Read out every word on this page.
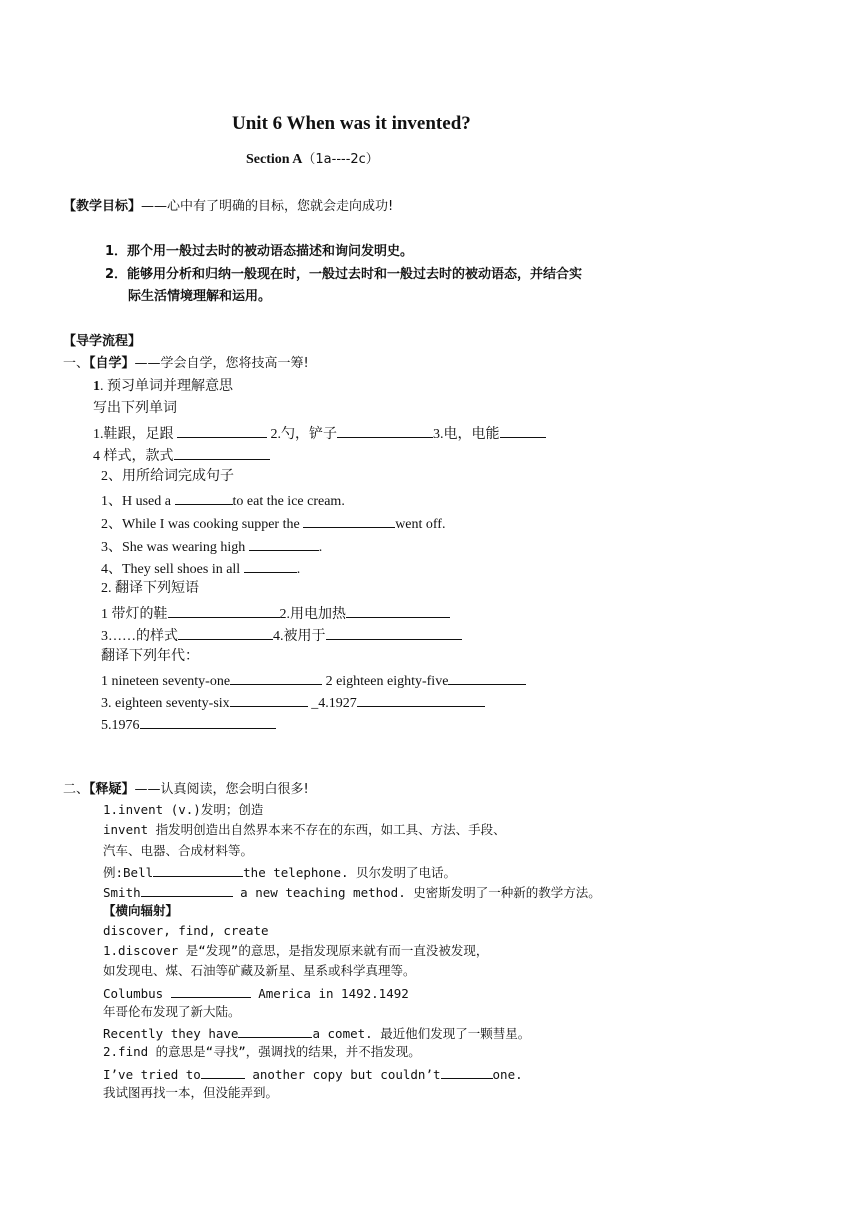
Unit 6 When was it invented?
Section A（1a----2c）
【教学目标】——心中有了明确的目标，您就会走向成功!
1．那个用一般过去时的被动语态描述和询问发明史。
2．能够用分析和归纳一般现在时，一般过去时和一般过去时的被动语态，并结合实
际生活情境理解和运用。
【导学流程】
一、【自学】——学会自学，您将技高一筹!
1. 预习单词并理解意思
写出下列单词
1.鞋跟，足跟	2.勺，铲子	3.电，电能
4 样式，款式
2、用所给词完成句子
1、H used a	to eat the ice cream.
2、While I was cooking supper the	went off.
3、She was wearing high	.
4、They sell shoes in all	.
2. 翻译下列短语
1 带灯的鞋	2.用电加热
3……的样式	4.被用于
翻译下列年代：
1 nineteen seventy-one	2 eighteen eighty-five
3. eighteen seventy-six	_4.1927
5.1976
二、【释疑】——认真阅读，您会明白很多!
1.invent (v.)发明；创造
invent 指发明创造出自然界本来不存在的东西，如工具、方法、手段、
汽车、电器、合成材料等。
例:Bell	the telephone. 贝尔发明了电话。
Smith	a new teaching method. 史密斯发明了一种新的教学方法。
【横向辐射】
discover, find, create
1.discover 是“发现”的意思，是指发现原来就有而一直没被发现，
如发现电、煤、石油等矿藏及新星、星系或科学真理等。
Columbus	America in 1492.1492
年哥伦布发现了新大陆。
Recently they have	a comet. 最近他们发现了一颗彗星。
2.find 的意思是“寻找”，强调找的结果，并不指发现。
I’ve tried to	another copy but couldn’t	one.
我试图再找一本，但没能弄到。
